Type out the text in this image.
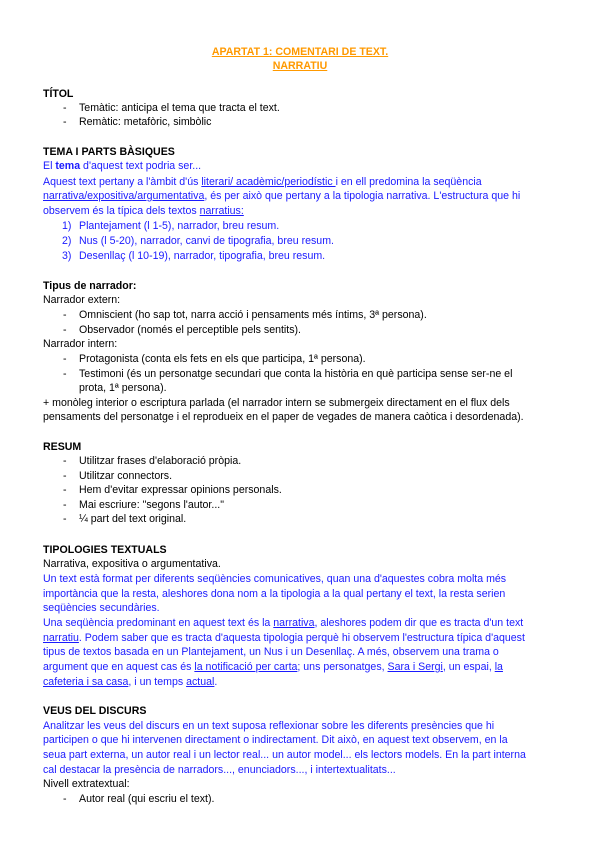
APARTAT 1: COMENTARI DE TEXT.
NARRATIU
TÍTOL
- Temàtic: anticipa el tema que tracta el text.
- Remàtic: metafòric, simbòlic
TEMA I PARTS BÀSIQUES
El tema d'aquest text podria ser...
Aquest text pertany a l'àmbit d'ús literari/ acadèmic/periodístic i en ell predomina la seqüència
narrativa/expositiva/argumentativa, és per això que pertany a la tipologia narrativa. L'estructura que hi
observem és la típica dels textos narratius:
1) Plantejament (l 1-5), narrador, breu resum.
2) Nus (l 5-20), narrador, canvi de tipografia, breu resum.
3) Desenllaç (l 10-19), narrador, tipografia, breu resum.
Tipus de narrador:
Narrador extern:
- Omniscient (ho sap tot, narra acció i pensaments més íntims, 3ª persona).
- Observador (només el perceptible pels sentits).
Narrador intern:
- Protagonista (conta els fets en els que participa, 1ª persona).
- Testimoni (és un personatge secundari que conta la història en què participa sense ser-ne el
prota, 1ª persona).
+ monòleg interior o escriptura parlada (el narrador intern se submergeix directament en el flux dels
pensaments del personatge i el reprodueix en el paper de vegades de manera caòtica i desordenada).
RESUM
- Utilitzar frases d'elaboració pròpia.
- Utilitzar connectors.
- Hem d'evitar expressar opinions personals.
- Mai escriure: "segons l'autor..."
- ¼ part del text original.
TIPOLOGIES TEXTUALS
Narrativa, expositiva o argumentativa.
Un text està format per diferents seqüències comunicatives, quan una d'aquestes cobra molta més
importància que la resta, aleshores dona nom a la tipologia a la qual pertany el text, la resta serien
seqüències secundàries.
Una seqüència predominant en aquest text és la narrativa, aleshores podem dir que es tracta d'un text
narratiu. Podem saber que es tracta d'aquesta tipologia perquè hi observem l'estructura típica d'aquest
tipus de textos basada en un Plantejament, un Nus i un Desenllaç. A més, observem una trama o
argument que en aquest cas és la notificació per carta; uns personatges, Sara i Sergi, un espai, la
cafeteria i sa casa, i un temps actual.
VEUS DEL DISCURS
Analitzar les veus del discurs en un text suposa reflexionar sobre les diferents presències que hi
participen o que hi intervenen directament o indirectament. Dit això, en aquest text observem, en la
seua part externa, un autor real i un lector real... un autor model... els lectors models. En la part interna
cal destacar la presència de narradors..., enunciadors..., i intertextualitats...
Nivell extratextual:
- Autor real (qui escriu el text).
